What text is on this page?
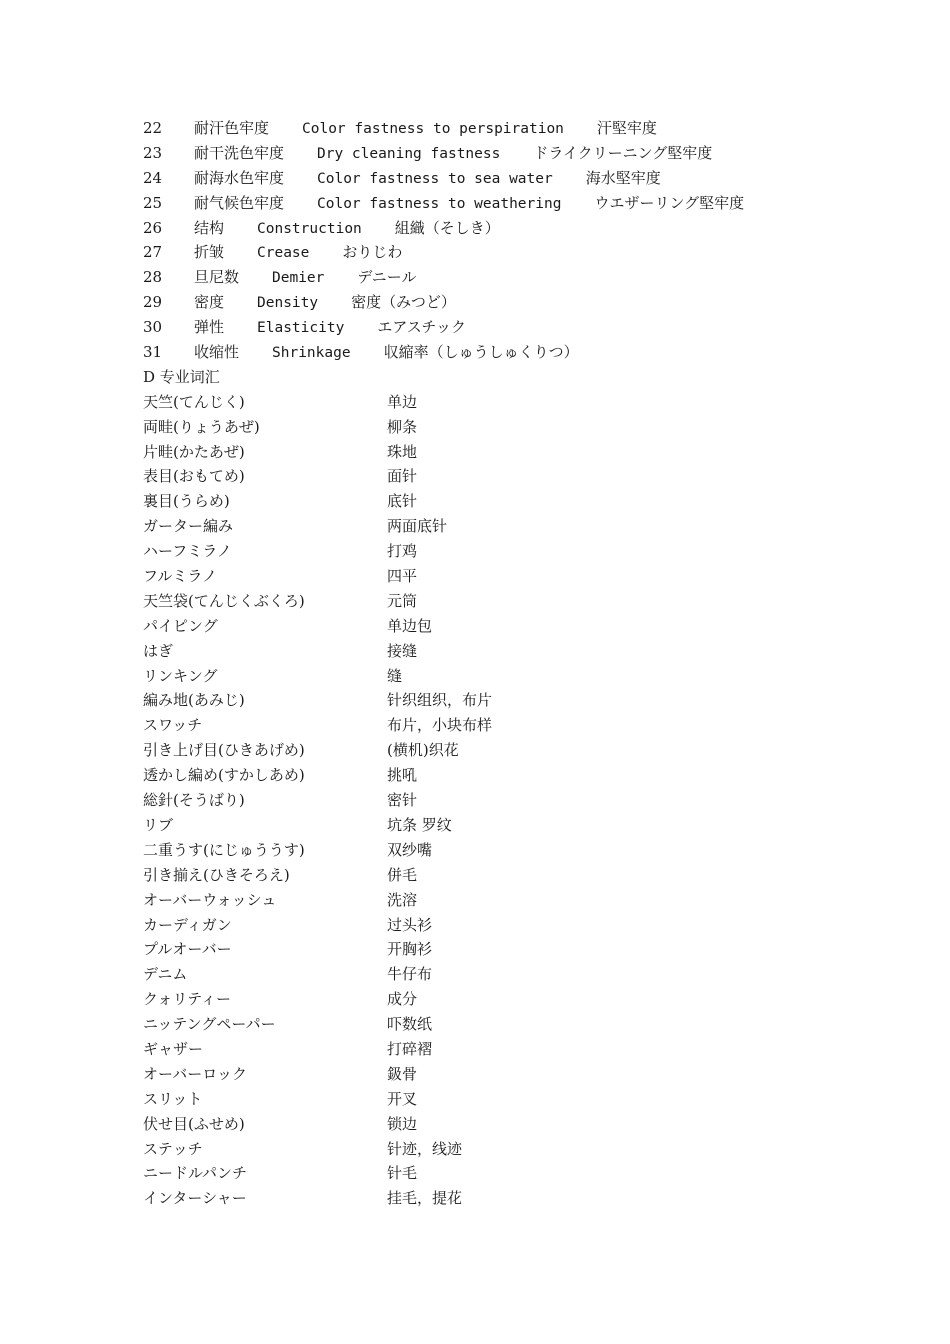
22 耐汗色牢度 Color fastness to perspiration 汗堅牢度
23 耐干洗色牢度 Dry cleaning fastness ドライクリーニング堅牢度
24 耐海水色牢度 Color fastness to sea water 海水堅牢度
25 耐气候色牢度 Color fastness to weathering ウエザーリング堅牢度
26 结构 Construction 組織（そしき）
27 折皱 Crease おりじわ
28 旦尼数 Demier デニール
29 密度 Density 密度（みつど）
30 弹性 Elasticity エアスチック
31 收缩性 Shrinkage 収縮率（しゅうしゅくりつ）
D 专业词汇
天竺(てんじく)	单边
両畦(りょうあぜ)	柳条
片畦(かたあぜ)	珠地
表目(おもてめ)	面针
裏目(うらめ)	底针
ガーター編み	两面底针
ハーフミラノ	打鸡
フルミラノ	四平
天竺袋(てんじくぶくろ)	元筒
パイピング	单边包
はぎ	接缝
リンキング	缝
編み地(あみじ)	针织组织，布片
スワッチ	布片，小块布样
引き上げ目(ひきあげめ)	(横机)织花
透かし編め(すかしあめ)	挑吼
総針(そうばり)	密针
リブ	坑条 罗纹
二重うす(にじゅううす)	双纱嘴
引き揃え(ひきそろえ)	併毛
オーバーウォッシュ	洗溶
カーディガン	过头衫
プルオーバー	开胸衫
デニム	牛仔布
クォリティー	成分
ニッテングペーパー	吓数纸
ギャザー	打碎褶
オーバーロック	鈒骨
スリット	开叉
伏せ目(ふせめ)	锁边
ステッチ	针迹，线迹
ニードルパンチ	针毛
インターシャー	挂毛，提花
